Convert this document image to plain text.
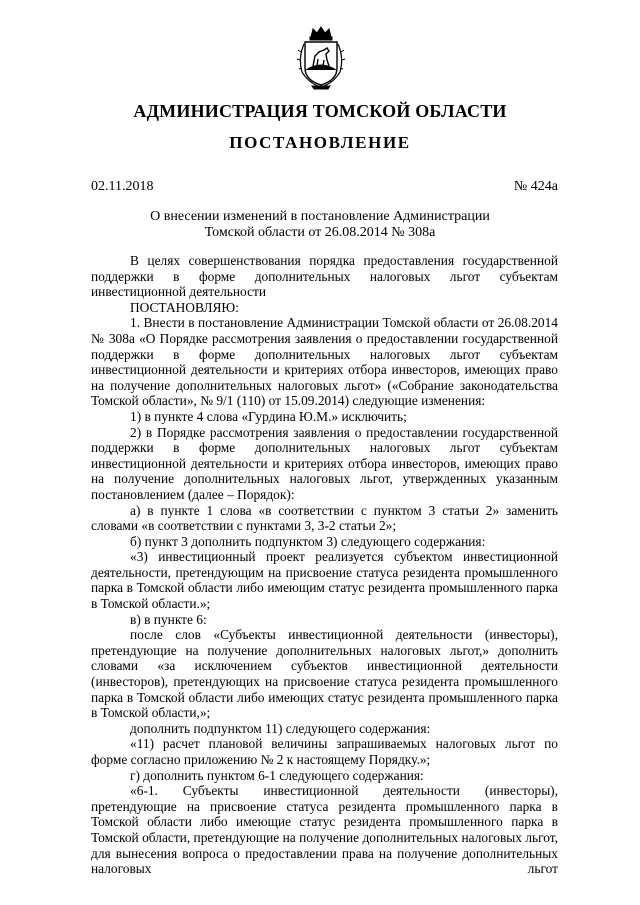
АДМИНИСТРАЦИЯ ТОМСКОЙ ОБЛАСТИ
ПОСТАНОВЛЕНИЕ
02.11.2018	№ 424а
О внесении изменений в постановление Администрации
Томской области от 26.08.2014 № 308а

В целях совершенствования порядка предоставления государственной поддержки в форме дополнительных налоговых льгот субъектам инвестиционной деятельности

ПОСТАНОВЛЯЮ:

1. Внести в постановление Администрации Томской области от 26.08.2014 № 308а «О Порядке рассмотрения заявления о предоставлении государственной поддержки в форме дополнительных налоговых льгот субъектам инвестиционной деятельности и критериях отбора инвесторов, имеющих право на получение дополнительных налоговых льгот» («Собрание законодательства Томской области», № 9/1 (110) от 15.09.2014) следующие изменения:

1) в пункте 4 слова «Гурдина Ю.М.» исключить;

2) в Порядке рассмотрения заявления о предоставлении государственной поддержки в форме дополнительных налоговых льгот субъектам инвестиционной деятельности и критериях отбора инвесторов, имеющих право на получение дополнительных налоговых льгот, утвержденных указанным постановлением (далее – Порядок):

а) в пункте 1 слова «в соответствии с пунктом 3 статьи 2» заменить словами «в соответствии с пунктами 3, 3-2 статьи 2»;

б) пункт 3 дополнить подпунктом 3) следующего содержания:

«3) инвестиционный проект реализуется субъектом инвестиционной деятельности, претендующим на присвоение статуса резидента промышленного парка в Томской области либо имеющим статус резидента промышленного парка в Томской области.»;

в) в пункте 6:

после слов «Субъекты инвестиционной деятельности (инвесторы), претендующие на получение дополнительных налоговых льгот,» дополнить словами «за исключением субъектов инвестиционной деятельности (инвесторов), претендующих на присвоение статуса резидента промышленного парка в Томской области либо имеющих статус резидента промышленного парка в Томской области,»;

дополнить подпунктом 11) следующего содержания:

«11) расчет плановой величины запрашиваемых налоговых льгот по форме согласно приложению № 2 к настоящему Порядку.»;

г) дополнить пунктом 6-1 следующего содержания:

«6-1. Субъекты инвестиционной деятельности (инвесторы), претендующие на присвоение статуса резидента промышленного парка в Томской области либо имеющие статус резидента промышленного парка в Томской области, претендующие на получение дополнительных налоговых льгот, для вынесения вопроса о предоставлении права на получение дополнительных налоговых льгот
